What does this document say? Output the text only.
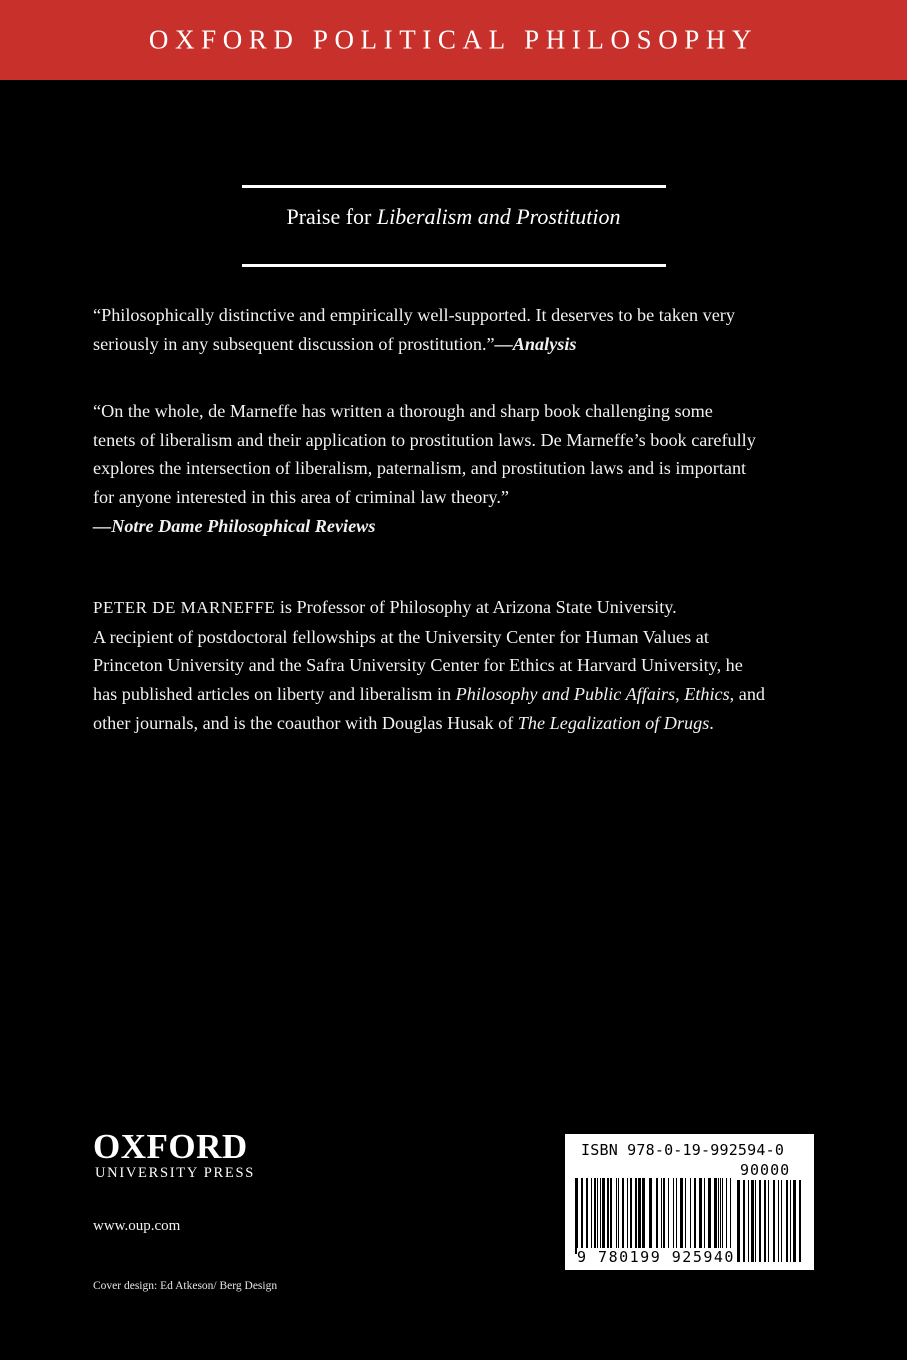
OXFORD POLITICAL PHILOSOPHY
Praise for Liberalism and Prostitution
“Philosophically distinctive and empirically well-supported. It deserves to be taken very
seriously in any subsequent discussion of prostitution.”—Analysis
“On the whole, de Marneffe has written a thorough and sharp book challenging some
tenets of liberalism and their application to prostitution laws. De Marneffe’s book carefully
explores the intersection of liberalism, paternalism, and prostitution laws and is important
for anyone interested in this area of criminal law theory.”
—Notre Dame Philosophical Reviews
PETER DE MARNEFFE is Professor of Philosophy at Arizona State University.
A recipient of postdoctoral fellowships at the University Center for Human Values at
Princeton University and the Safra University Center for Ethics at Harvard University, he
has published articles on liberty and liberalism in Philosophy and Public Affairs, Ethics, and
other journals, and is the coauthor with Douglas Husak of The Legalization of Drugs.
OXFORD
UNIVERSITY PRESS
www.oup.com
Cover design: Ed Atkeson/ Berg Design
ISBN 978-0-19-992594-0
90000
9 780199 925940
